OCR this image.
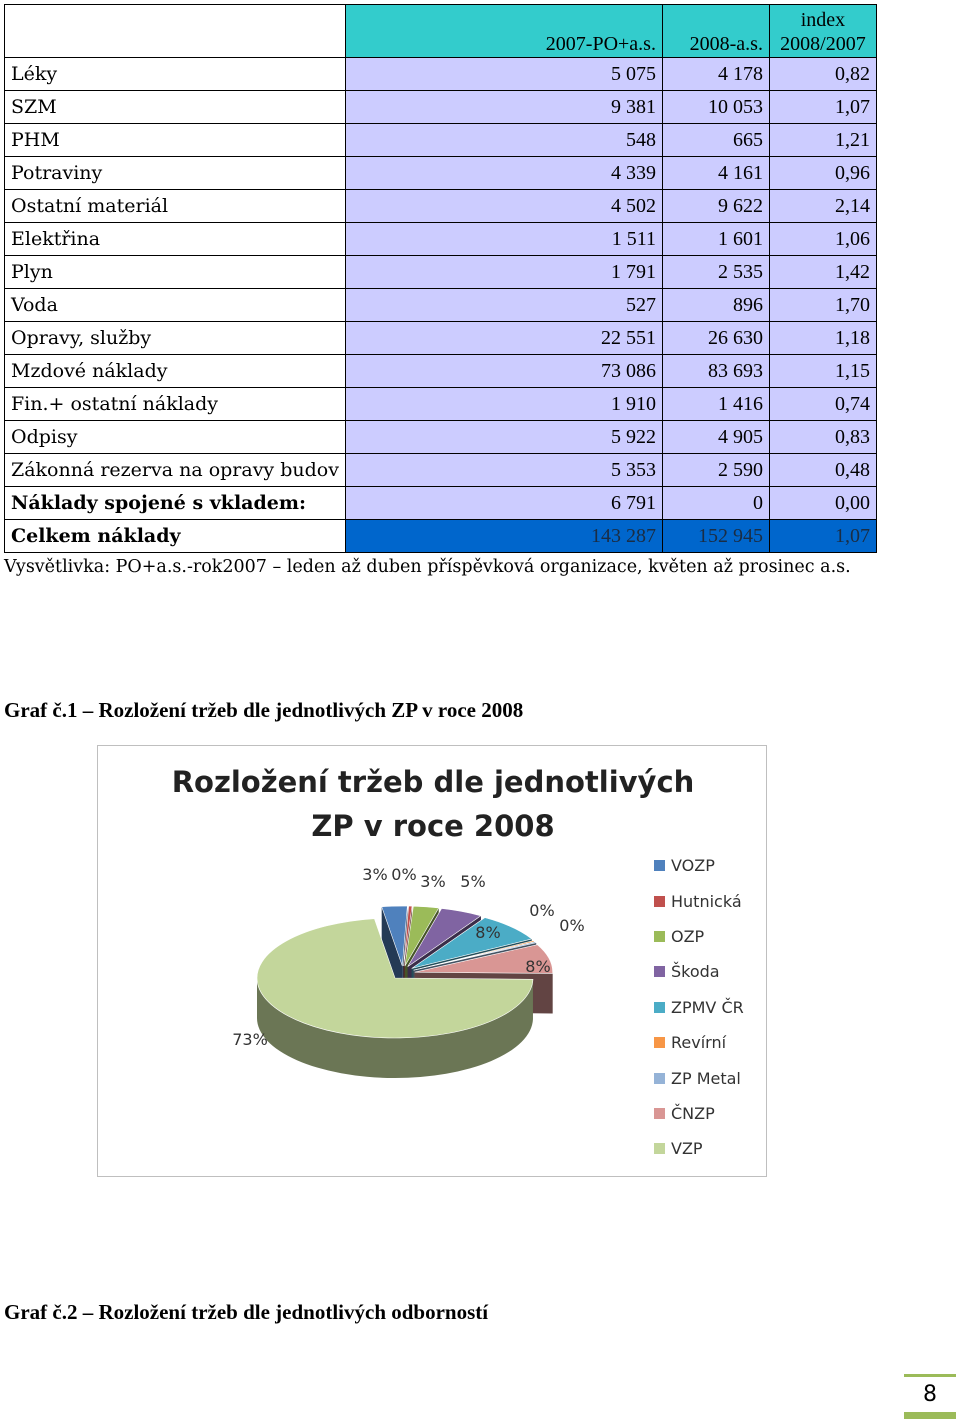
	2007-PO+a.s.	2008-a.s.	index
2008/2007
Léky	5 075	4 178	0,82
SZM	9 381	10 053	1,07
PHM	548	665	1,21
Potraviny	4 339	4 161	0,96
Ostatní materiál	4 502	9 622	2,14
Elektřina	1 511	1 601	1,06
Plyn	1 791	2 535	1,42
Voda	527	896	1,70
Opravy, služby	22 551	26 630	1,18
Mzdové náklady	73 086	83 693	1,15
Fin.+ ostatní náklady	1 910	1 416	0,74
Odpisy	5 922	4 905	0,83
Zákonná rezerva na opravy budov	5 353	2 590	0,48
Náklady spojené s vkladem:	6 791	0	0,00
Celkem náklady	143 287	152 945	1,07
Vysvětlivka: PO+a.s.-rok2007 – leden až duben příspěvková organizace, květen až prosinec a.s.
Graf č.1 – Rozložení tržeb dle jednotlivých ZP v roce 2008
3% 0% 3% 5%
8%
0%
0%
8%
73%
Rozložení tržeb dle jednotlivých
ZP v roce 2008
VOZP
Hutnická
OZP
Škoda
ZPMV ČR
Revírní
ZP Metal
ČNZP
VZP
Graf č.2 – Rozložení tržeb dle jednotlivých odborností
8
